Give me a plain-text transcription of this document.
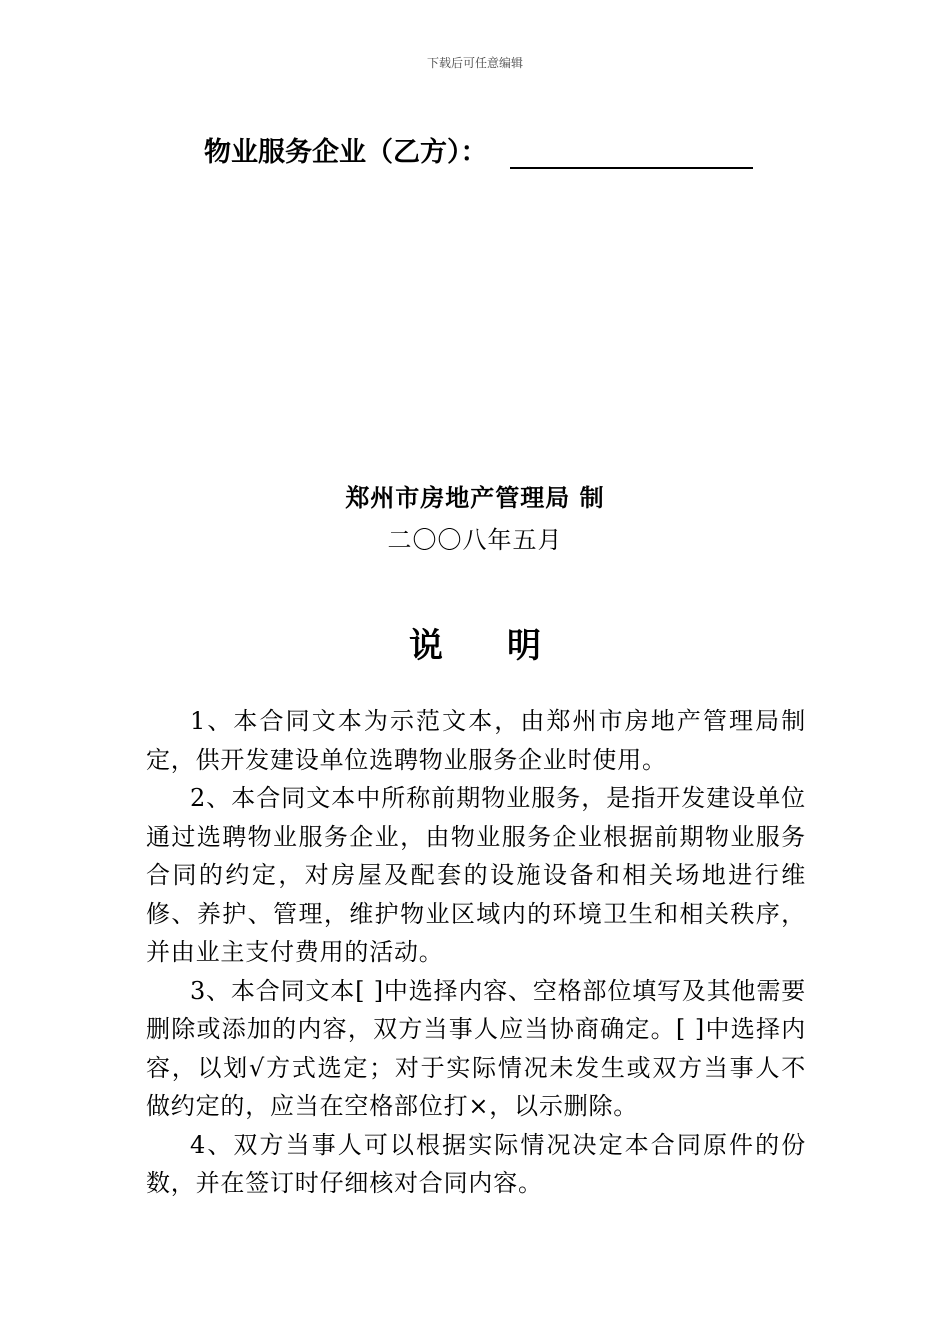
下载后可任意编辑
物业服务企业（乙方）：
郑州市房地产管理局 制
二〇〇八年五月
说明

1、本合同文本为示范文本，由郑州市房地产管理局制定，供开发建设单位选聘物业服务企业时使用。

2、本合同文本中所称前期物业服务，是指开发建设单位通过选聘物业服务企业，由物业服务企业根据前期物业服务合同的约定，对房屋及配套的设施设备和相关场地进行维修、养护、管理，维护物业区域内的环境卫生和相关秩序，并由业主支付费用的活动。

3、本合同文本[ ]中选择内容、空格部位填写及其他需要删除或添加的内容，双方当事人应当协商确定。[ ]中选择内容，以划√方式选定；对于实际情况未发生或双方当事人不做约定的，应当在空格部位打×，以示删除。

4、双方当事人可以根据实际情况决定本合同原件的份数，并在签订时仔细核对合同内容。
